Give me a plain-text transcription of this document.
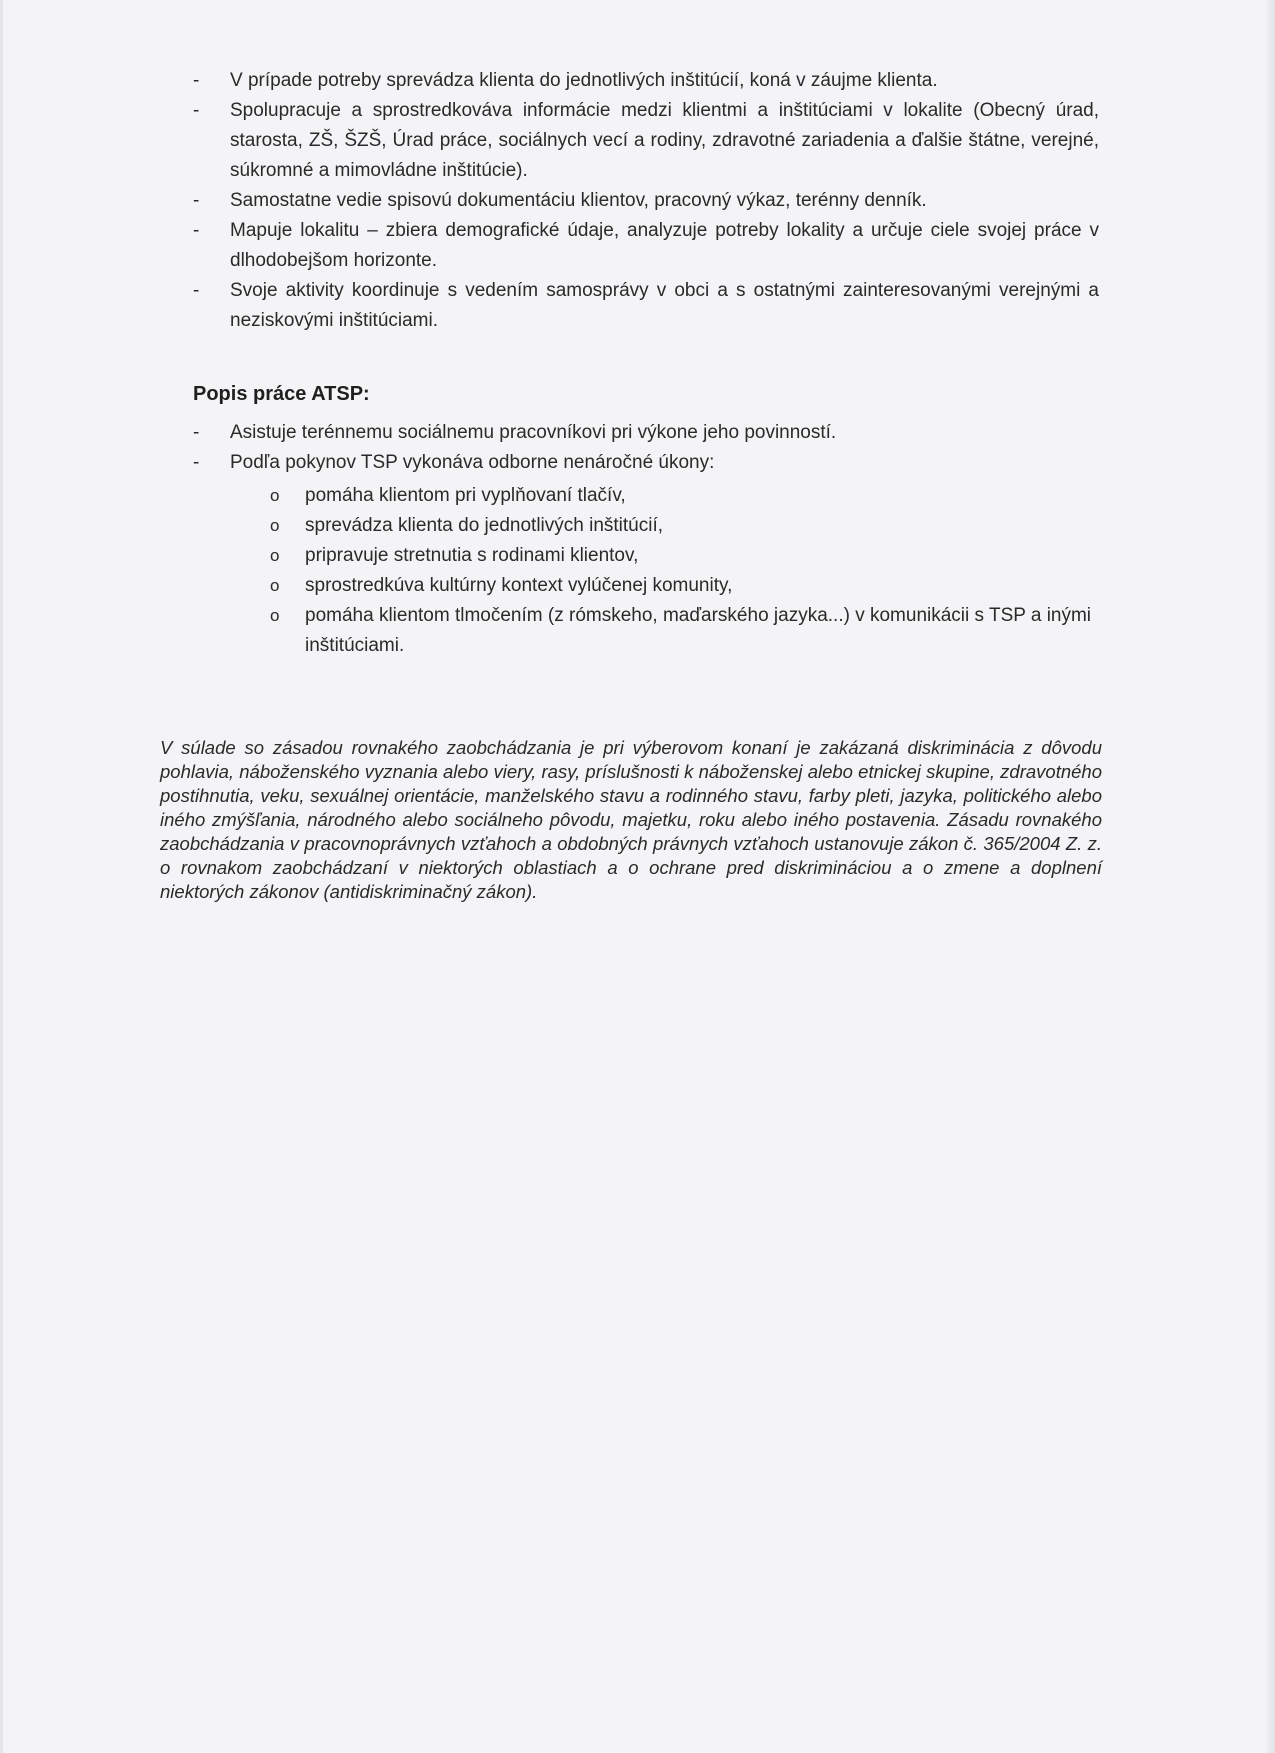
- V prípade potreby sprevádza klienta do jednotlivých inštitúcií, koná v záujme klienta.
- Spolupracuje a sprostredkováva informácie medzi klientmi a inštitúciami v lokalite (Obecný úrad, starosta, ZŠ, ŠZŠ, Úrad práce, sociálnych vecí a rodiny, zdravotné zariadenia a ďalšie štátne, verejné, súkromné a mimovládne inštitúcie).
- Samostatne vedie spisovú dokumentáciu klientov, pracovný výkaz, terénny denník.
- Mapuje lokalitu – zbiera demografické údaje, analyzuje potreby lokality a určuje ciele svojej práce v dlhodobejšom horizonte.
- Svoje aktivity koordinuje s vedením samosprávy v obci a s ostatnými zainteresovanými verejnými a neziskovými inštitúciami.
Popis práce ATSP:
- Asistuje terénnemu sociálnemu pracovníkovi pri výkone jeho povinností.
- Podľa pokynov TSP vykonáva odborne nenáročné úkony:
o pomáha klientom pri vyplňovaní tlačív,
o sprevádza klienta do jednotlivých inštitúcií,
o pripravuje stretnutia s rodinami klientov,
o sprostredkúva kultúrny kontext vylúčenej komunity,
o pomáha klientom tlmočením (z rómskeho, maďarského jazyka...) v komunikácii s TSP a inými inštitúciami.

V súlade so zásadou rovnakého zaobchádzania je pri výberovom konaní je zakázaná diskriminácia z dôvodu pohlavia, náboženského vyznania alebo viery, rasy, príslušnosti k náboženskej alebo etnickej skupine, zdravotného postihnutia, veku, sexuálnej orientácie, manželského stavu a rodinného stavu, farby pleti, jazyka, politického alebo iného zmýšľania, národného alebo sociálneho pôvodu, majetku, roku alebo iného postavenia. Zásadu rovnakého zaobchádzania v pracovnoprávnych vzťahoch a obdobných právnych vzťahoch ustanovuje zákon č. 365/2004 Z. z. o rovnakom zaobchádzaní v niektorých oblastiach a o ochrane pred diskrimináciou a o zmene a doplnení niektorých zákonov (antidiskriminačný zákon).
